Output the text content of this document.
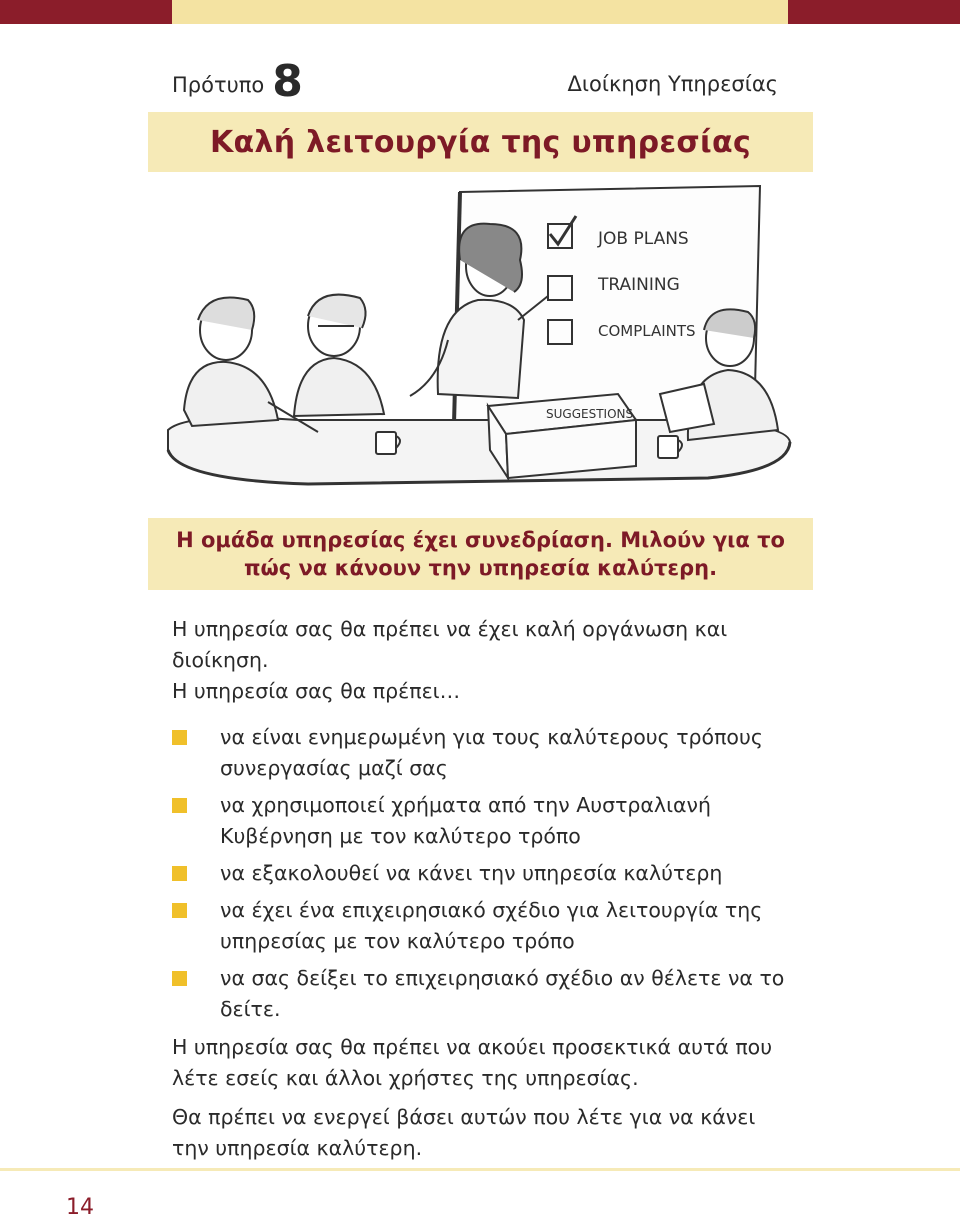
Πρότυπο 8	Διοίκηση Υπηρεσίας
Καλή λειτουργία της υπηρεσίας
JOB PLANS
TRAINING
COMPLAINTS
SUGGESTIONS
Η ομάδα υπηρεσίας έχει συνεδρίαση. Μιλούν για το
πώς να κάνουν την υπηρεσία καλύτερη.
Η υπηρεσία σας θα πρέπει να έχει καλή οργάνωση και διοίκηση.
Η υπηρεσία σας θα πρέπει…
να είναι ενημερωμένη για τους καλύτερους τρόπους συνεργασίας μαζί σας
να χρησιμοποιεί χρήματα από την Αυστραλιανή Κυβέρνηση με τον καλύτερο τρόπο
να εξακολουθεί να κάνει την υπηρεσία καλύτερη
να έχει ένα επιχειρησιακό σχέδιο για λειτουργία της υπηρεσίας με τον καλύτερο τρόπο
να σας δείξει το επιχειρησιακό σχέδιο αν θέλετε να το δείτε.
Η υπηρεσία σας θα πρέπει να ακούει προσεκτικά αυτά που λέτε εσείς και άλλοι χρήστες της υπηρεσίας.
Θα πρέπει να ενεργεί βάσει αυτών που λέτε για να κάνει την υπηρεσία καλύτερη.
14
